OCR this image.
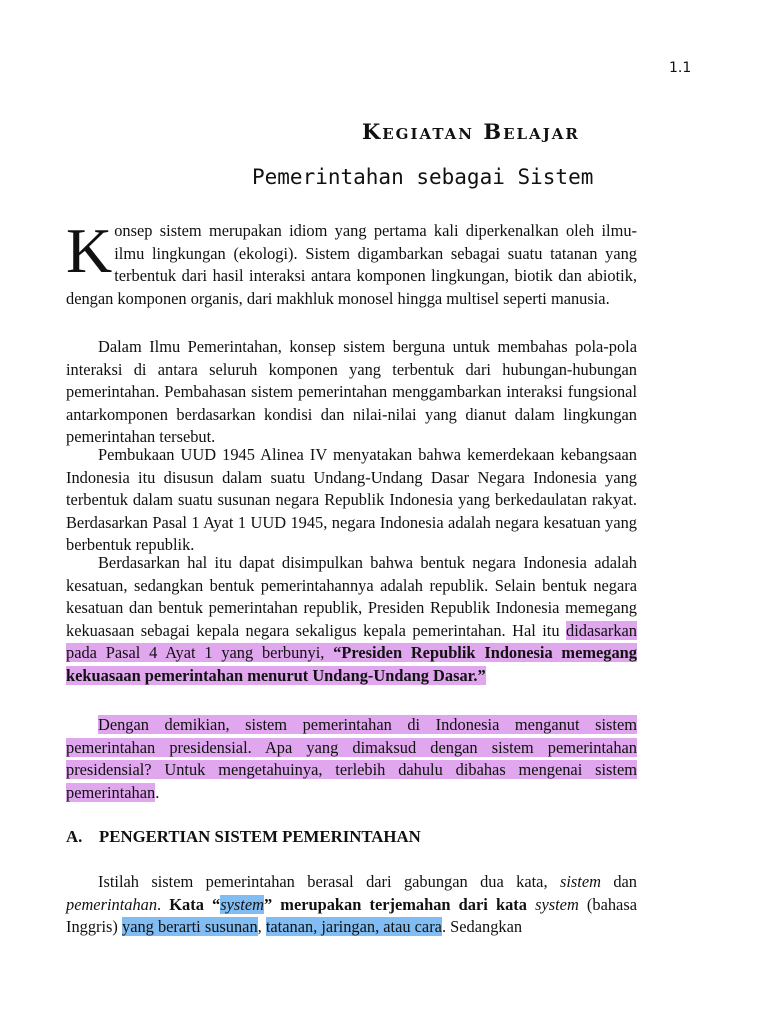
1.1
Kegiatan Belajar
Pemerintahan sebagai Sistem

Konsep sistem merupakan idiom yang pertama kali diperkenalkan oleh ilmu-ilmu lingkungan (ekologi). Sistem digambarkan sebagai suatu tatanan yang terbentuk dari hasil interaksi antara komponen lingkungan, biotik dan abiotik, dengan komponen organis, dari makhluk monosel hingga multisel seperti manusia.

Dalam Ilmu Pemerintahan, konsep sistem berguna untuk membahas pola-pola interaksi di antara seluruh komponen yang terbentuk dari hubungan-hubungan pemerintahan. Pembahasan sistem pemerintahan menggambarkan interaksi fungsional antarkomponen berdasarkan kondisi dan nilai-nilai yang dianut dalam lingkungan pemerintahan tersebut.

Pembukaan UUD 1945 Alinea IV menyatakan bahwa kemerdekaan kebangsaan Indonesia itu disusun dalam suatu Undang-Undang Dasar Negara Indonesia yang terbentuk dalam suatu susunan negara Republik Indonesia yang berkedaulatan rakyat. Berdasarkan Pasal 1 Ayat 1 UUD 1945, negara Indonesia adalah negara kesatuan yang berbentuk republik.

Berdasarkan hal itu dapat disimpulkan bahwa bentuk negara Indonesia adalah kesatuan, sedangkan bentuk pemerintahannya adalah republik. Selain bentuk negara kesatuan dan bentuk pemerintahan republik, Presiden Republik Indonesia memegang kekuasaan sebagai kepala negara sekaligus kepala pemerintahan. Hal itu didasarkan pada Pasal 4 Ayat 1 yang berbunyi, “Presiden Republik Indonesia memegang kekuasaan pemerintahan menurut Undang-Undang Dasar.”

Dengan demikian, sistem pemerintahan di Indonesia menganut sistem pemerintahan presidensial. Apa yang dimaksud dengan sistem pemerintahan presidensial? Untuk mengetahuinya, terlebih dahulu dibahas mengenai sistem pemerintahan.

A. PENGERTIAN SISTEM PEMERINTAHAN

Istilah sistem pemerintahan berasal dari gabungan dua kata, sistem dan pemerintahan. Kata “system” merupakan terjemahan dari kata system (bahasa Inggris) yang berarti susunan, tatanan, jaringan, atau cara. Sedangkan
